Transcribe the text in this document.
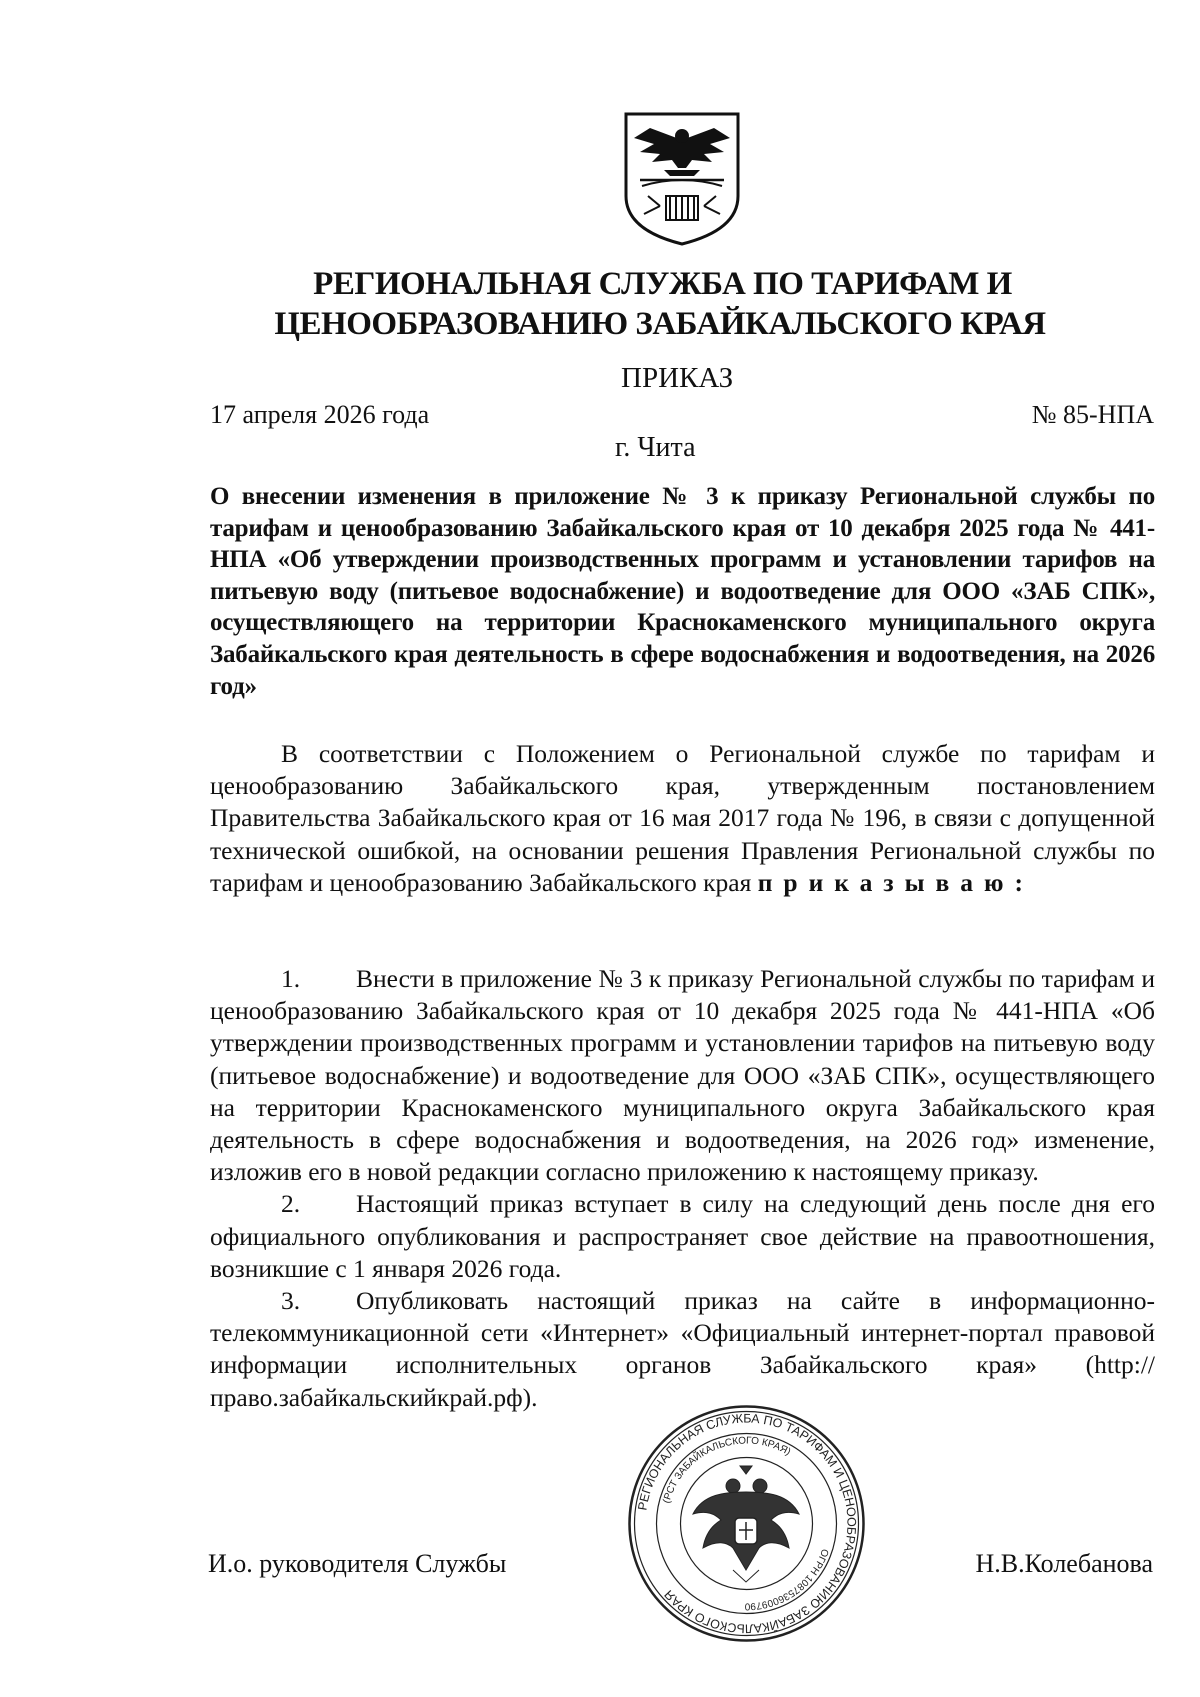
РЕГИОНАЛЬНАЯ СЛУЖБА ПО ТАРИФАМ И
ЦЕНООБРАЗОВАНИЮ ЗАБАЙКАЛЬСКОГО КРАЯ
ПРИКАЗ
17 апреля 2026 года	№ 85-НПА
г. Чита
О внесении изменения в приложение № 3 к приказу Региональной службы по тарифам и ценообразованию Забайкальского края от 10 декабря 2025 года № 441-НПА «Об утверждении производственных программ и установлении тарифов на питьевую воду (питьевое водоснабжение) и водоотведение для ООО «ЗАБ СПК», осуществляющего на территории Краснокаменского муниципального округа Забайкальского края деятельность в сфере водоснабжения и водоотведения, на 2026 год»
В соответствии с Положением о Региональной службе по тарифам и ценообразованию Забайкальского края, утвержденным постановлением Правительства Забайкальского края от 16 мая 2017 года № 196, в связи с допущенной технической ошибкой, на основании решения Правления Региональной службы по тарифам и ценообразованию Забайкальского края приказываю:
1. Внести в приложение № 3 к приказу Региональной службы по тарифам и ценообразованию Забайкальского края от 10 декабря 2025 года № 441-НПА «Об утверждении производственных программ и установлении тарифов на питьевую воду (питьевое водоснабжение) и водоотведение для ООО «ЗАБ СПК», осуществляющего на территории Краснокаменского муниципального округа Забайкальского края деятельность в сфере водоснабжения и водоотведения, на 2026 год» изменение, изложив его в новой редакции согласно приложению к настоящему приказу.
2. Настоящий приказ вступает в силу на следующий день после дня его официального опубликования и распространяет свое действие на правоотношения, возникшие с 1 января 2026 года.
3. Опубликовать настоящий приказ на сайте в информационно-телекоммуникационной сети «Интернет» «Официальный интернет-портал правовой информации исполнительных органов Забайкальского края» (http://право.забайкальскийкрай.рф).
И.о. руководителя Службы	Н.В.Колебанова
РЕГИОНАЛЬНАЯ СЛУЖБА ПО ТАРИФАМ И ЦЕНООБРАЗОВАНИЮ ЗАБАЙКАЛЬСКОГО КРАЯ
(РСТ ЗАБАЙКАЛЬСКОГО КРАЯ)
ОГРН 1087536009790
